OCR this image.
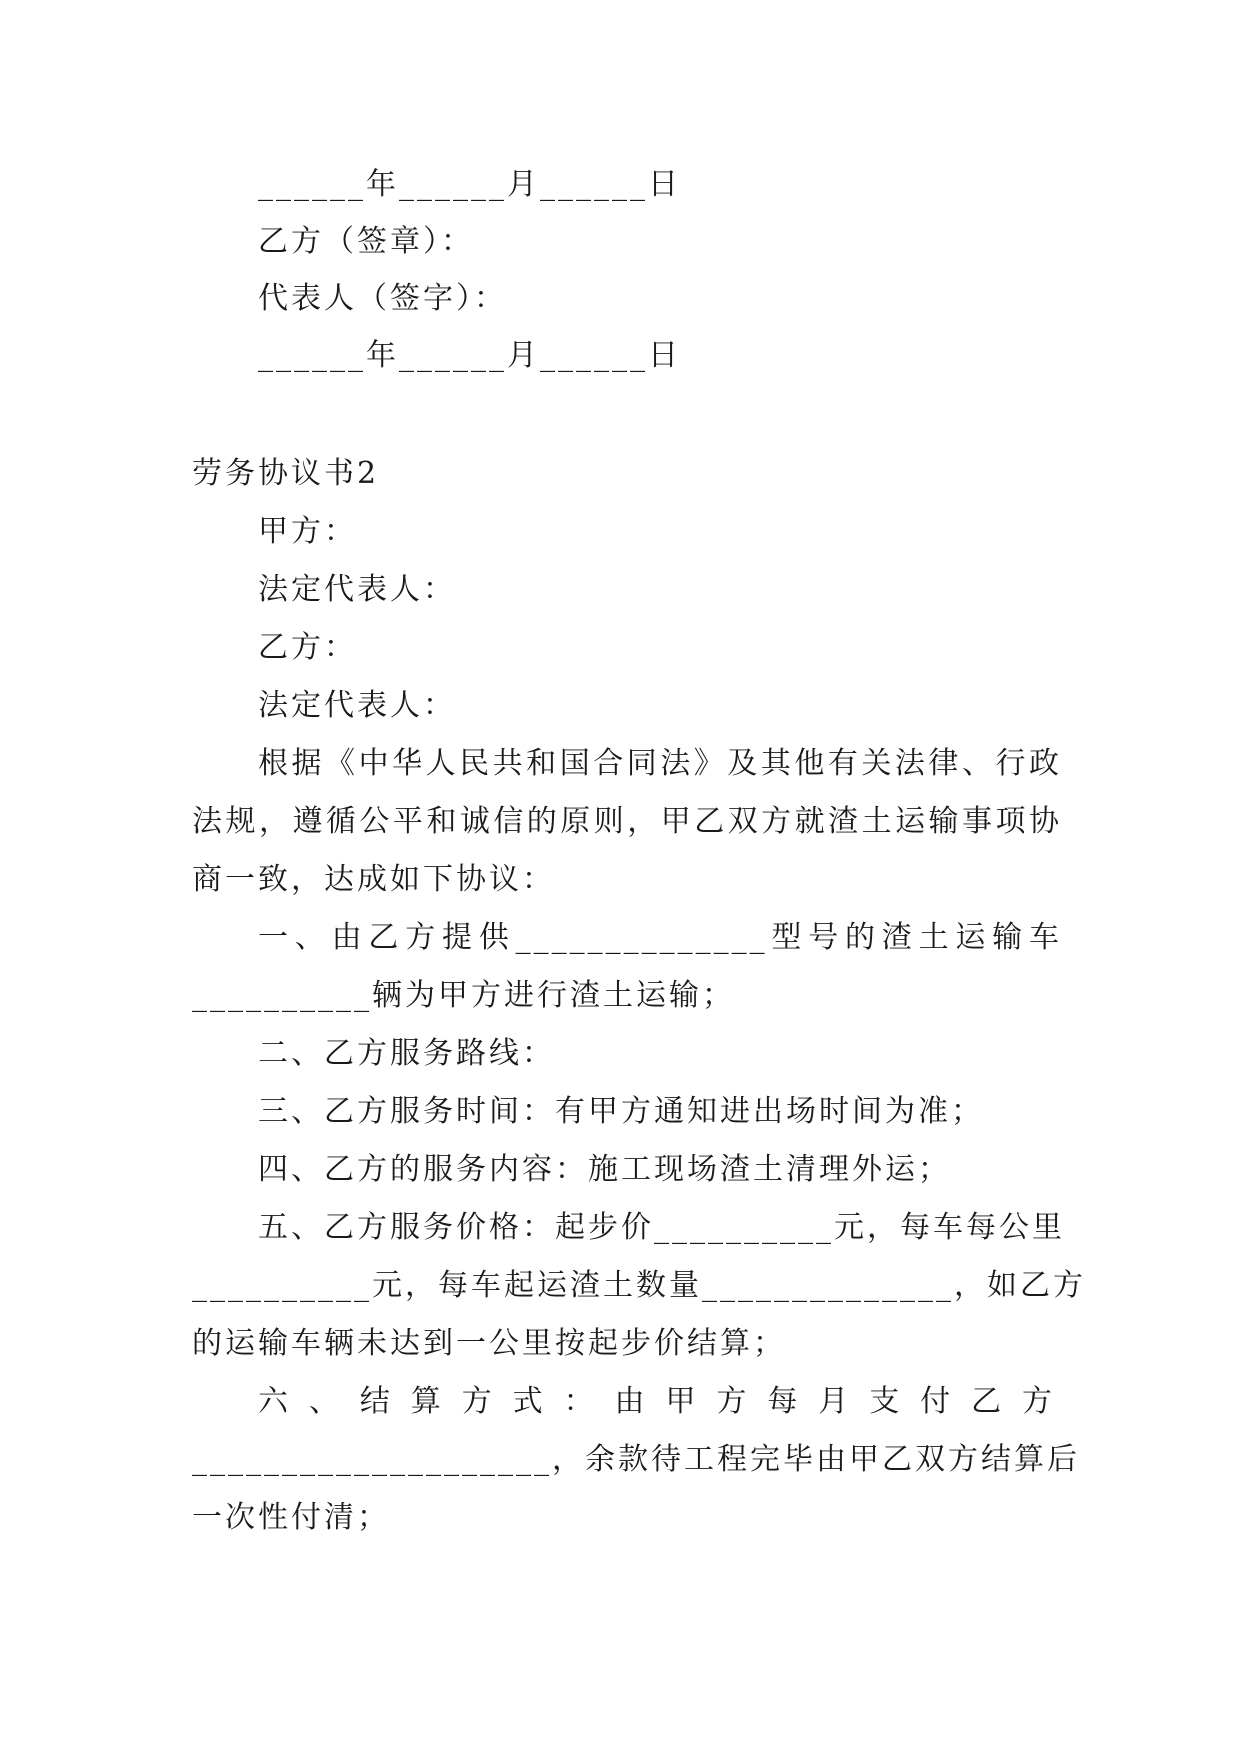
______年______月______日
乙方（签章）：
代表人（签字）：
______年______月______日
劳务协议书2
甲方：
法定代表人：
乙方：
法定代表人：
根据《中华人民共和国合同法》及其他有关法律、行政
法规，遵循公平和诚信的原则，甲乙双方就渣土运输事项协
商一致，达成如下协议：
一、由乙方提供______________型号的渣土运输车
__________辆为甲方进行渣土运输；
二、乙方服务路线：
三、乙方服务时间：有甲方通知进出场时间为准；
四、乙方的服务内容：施工现场渣土清理外运；
五、乙方服务价格：起步价__________元，每车每公里
__________元，每车起运渣土数量______________，如乙方
的运输车辆未达到一公里按起步价结算；
六、结算方式：由甲方每月支付乙方
____________________，余款待工程完毕由甲乙双方结算后
一次性付清；
